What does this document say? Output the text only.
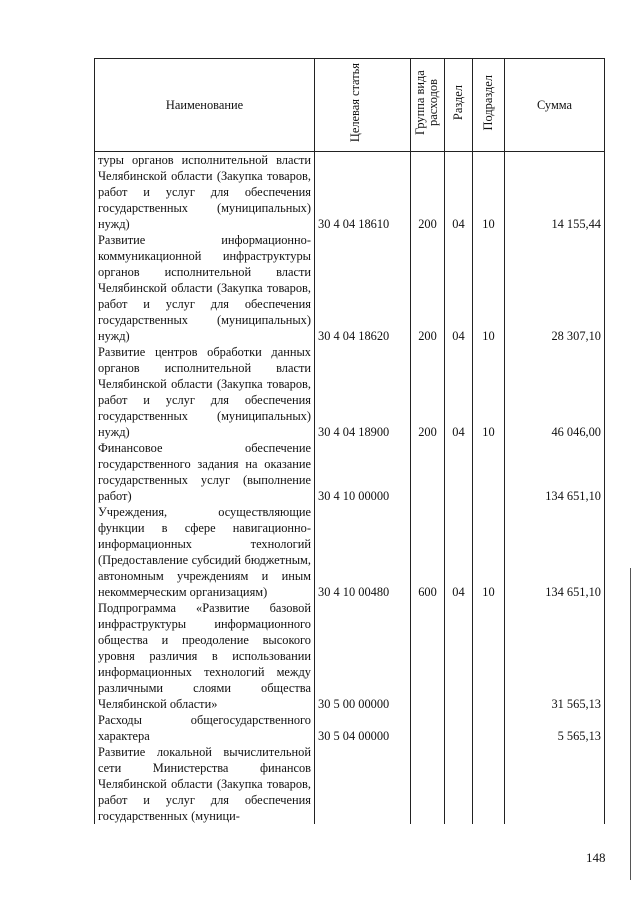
Наименование	Целевая статья	Группа вида расходов	Раздел	Подраздел	Сумма
туры органов исполнительной власти Челябинской области (Закупка товаров, работ и услуг для обеспечения государственных (муниципальных) нужд)	30 4 04 18610	200	04	10	14 155,44
Развитие информационно-коммуникационной инфраструктуры органов исполнительной власти Челябинской области (Закупка товаров, работ и услуг для обеспечения государственных (муниципальных) нужд)	30 4 04 18620	200	04	10	28 307,10
Развитие центров обработки данных органов исполнительной власти Челябинской области (Закупка товаров, работ и услуг для обеспечения государственных (муниципальных) нужд)	30 4 04 18900	200	04	10	46 046,00
Финансовое обеспечение государственного задания на оказание государственных услуг (выполнение работ)	30 4 10 00000				134 651,10
Учреждения, осуществляющие функции в сфере навигационно-информационных технологий (Предоставление субсидий бюджетным, автономным учреждениям и иным некоммерческим организациям)	30 4 10 00480	600	04	10	134 651,10
Подпрограмма «Развитие базовой инфраструктуры информационного общества и преодоление высокого уровня различия в использовании информационных технологий между различными слоями общества Челябинской области»	30 5 00 00000				31 565,13
Расходы общегосударственного характера	30 5 04 00000				5 565,13
Развитие локальной вычислительной сети Министерства финансов Челябинской области (Закупка товаров, работ и услуг для обеспечения государственных (муници-					
148
